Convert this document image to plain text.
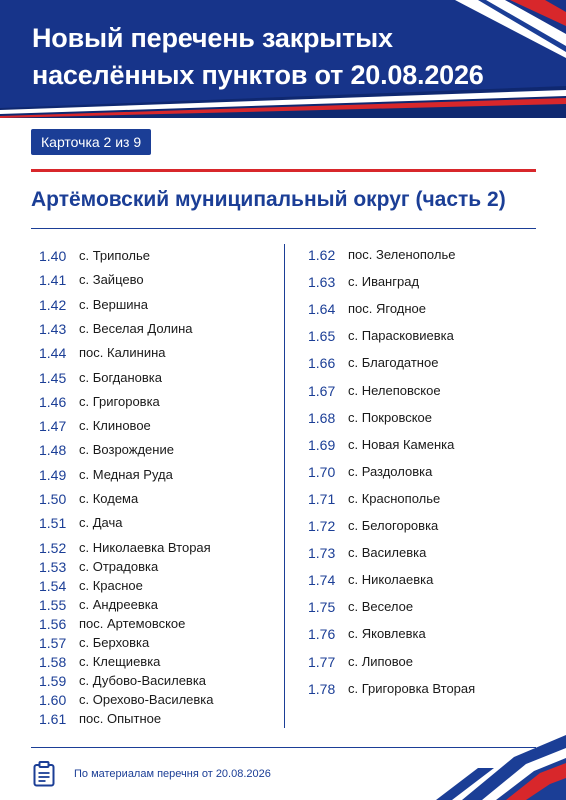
Новый перечень закрытых
населённых пунктов от 20.08.2026
Карточка 2 из 9
Артёмовский муниципальный округ (часть 2)
1.40 с. Триполье
1.41 с. Зайцево
1.42 с. Вершина
1.43 с. Веселая Долина
1.44 пос. Калинина
1.45 с. Богдановка
1.46 с. Григоровка
1.47 с. Клиновое
1.48 с. Возрождение
1.49 с. Медная Руда
1.50 с. Кодема
1.51 с. Дача
1.52 с. Николаевка Вторая
1.53 с. Отрадовка
1.54 с. Красное
1.55 с. Андреевка
1.56 пос. Артемовское
1.57 с. Берховка
1.58 с. Клещиевка
1.59 с. Дубово-Василевка
1.60 с. Орехово-Василевка
1.61 пос. Опытное
1.62 пос. Зеленополье
1.63 с. Иванград
1.64 пос. Ягодное
1.65 с. Парасковиевка
1.66 с. Благодатное
1.67 с. Нелеповское
1.68 с. Покровское
1.69 с. Новая Каменка
1.70 с. Раздоловка
1.71 с. Краснополье
1.72 с. Белогоровка
1.73 с. Василевка
1.74 с. Николаевка
1.75 с. Веселое
1.76 с. Яковлевка
1.77 с. Липовое
1.78 с. Григоровка Вторая
По материалам перечня от 20.08.2026
